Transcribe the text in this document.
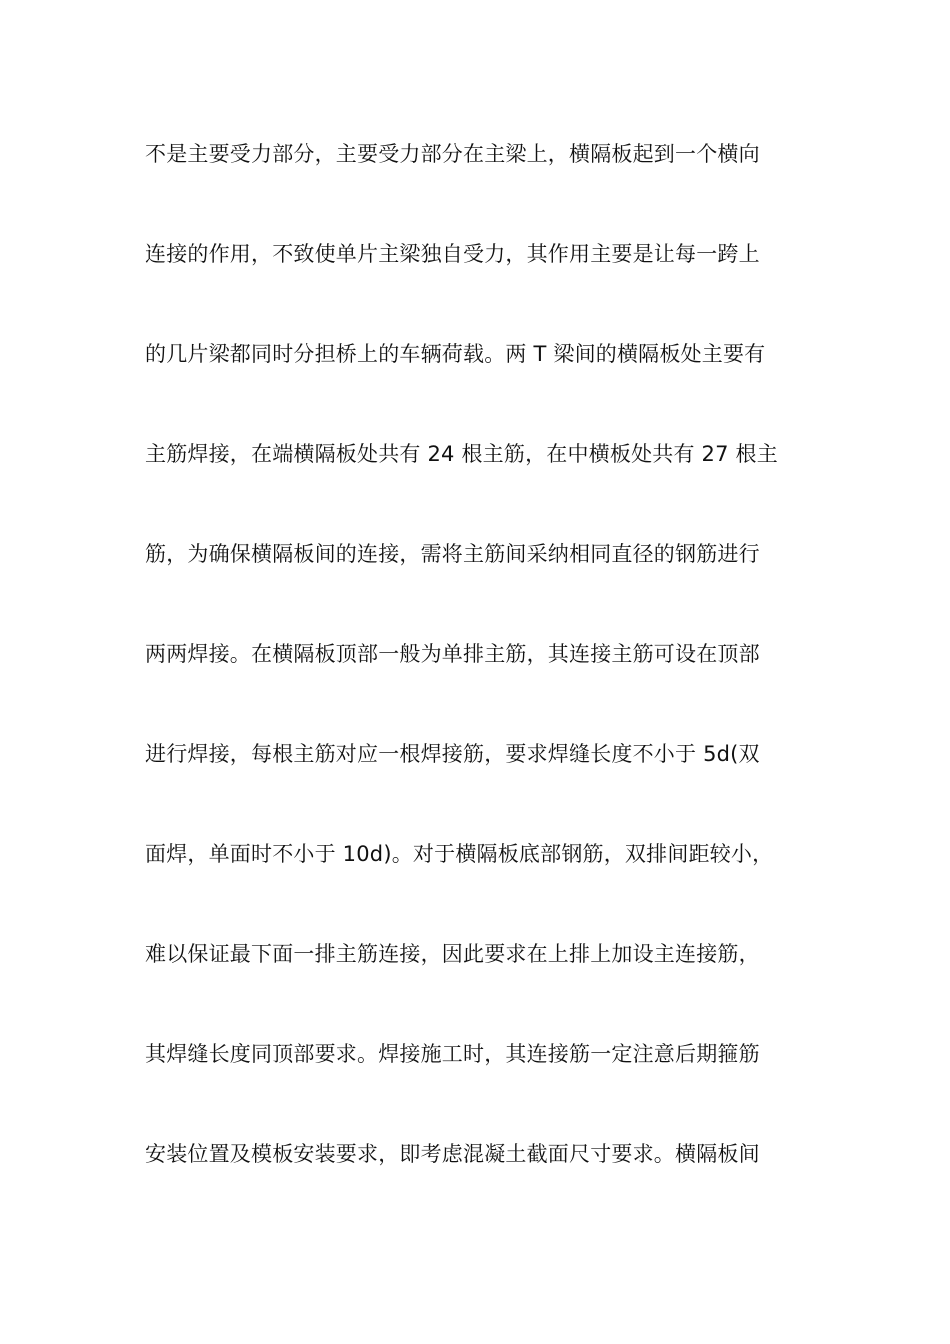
不是主要受力部分，主要受力部分在主梁上，横隔板起到一个横向
连接的作用，不致使单片主梁独自受力，其作用主要是让每一跨上
的几片梁都同时分担桥上的车辆荷载。两 T 梁间的横隔板处主要有
主筋焊接，在端横隔板处共有 24 根主筋，在中横板处共有 27 根主
筋，为确保横隔板间的连接，需将主筋间采纳相同直径的钢筋进行
两两焊接。在横隔板顶部一般为单排主筋，其连接主筋可设在顶部
进行焊接，每根主筋对应一根焊接筋，要求焊缝长度不小于 5d(双
面焊，单面时不小于 10d)。对于横隔板底部钢筋，双排间距较小，
难以保证最下面一排主筋连接，因此要求在上排上加设主连接筋，
其焊缝长度同顶部要求。焊接施工时，其连接筋一定注意后期箍筋
安装位置及模板安装要求，即考虑混凝土截面尺寸要求。横隔板间
